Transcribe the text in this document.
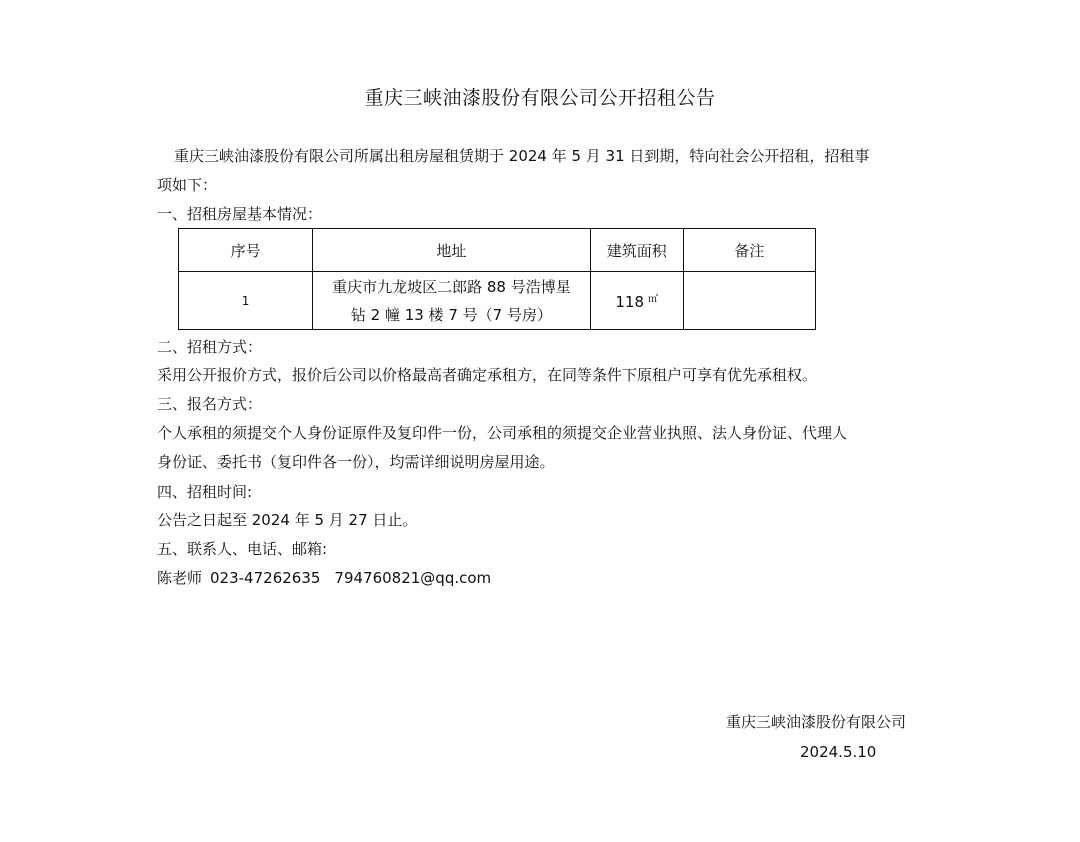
重庆三峡油漆股份有限公司公开招租公告
重庆三峡油漆股份有限公司所属出租房屋租赁期于 2024 年 5 月 31 日到期，特向社会公开招租，招租事
项如下：
一、招租房屋基本情况：
序号	地址	建筑面积	备注
1	重庆市九龙坡区二郎路 88 号浩博星
钻 2 幢 13 楼 7 号（7 号房）	118 ㎡	
二、招租方式：
采用公开报价方式，报价后公司以价格最高者确定承租方，在同等条件下原租户可享有优先承租权。
三、报名方式：
个人承租的须提交个人身份证原件及复印件一份，公司承租的须提交企业营业执照、法人身份证、代理人
身份证、委托书（复印件各一份），均需详细说明房屋用途。
四、招租时间:
公告之日起至 2024 年 5 月 27 日止。
五、联系人、电话、邮箱:
陈老师 023-47262635 794760821@qq.com
重庆三峡油漆股份有限公司
2024.5.10
